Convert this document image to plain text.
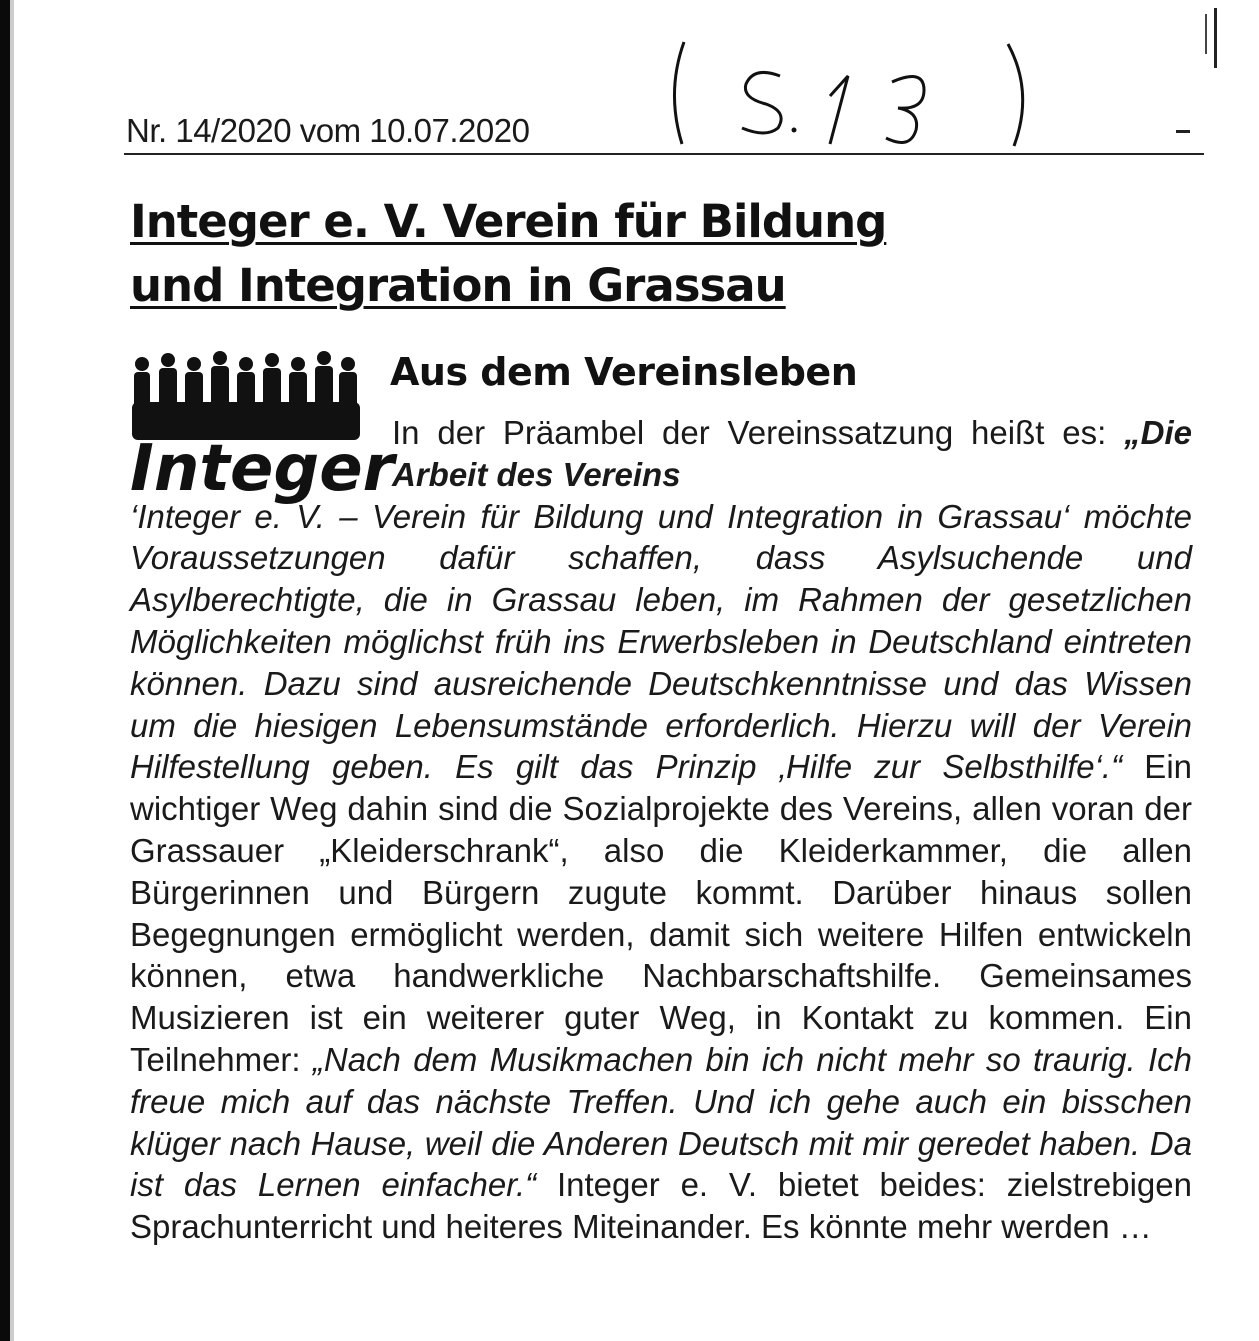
Nr. 14/2020 vom 10.07.2020
Integer e. V. Verein für Bildung
und Integration in Grassau
Integer
Aus dem Vereinsleben

In der Präambel der Vereinssatzung heißt es: „Die Arbeit des Vereins
‘Integer e. V. – Verein für Bildung und Integration in Grassau‘ möchte Voraussetzungen dafür schaffen, dass Asylsuchende und Asylberechtigte, die in Grassau leben, im Rahmen der gesetzlichen Möglichkeiten möglichst früh ins Erwerbsleben in Deutschland eintreten können. Dazu sind ausreichende Deutschkenntnisse und das Wissen um die hiesigen Lebensumstände erforderlich. Hierzu will der Verein Hilfestellung geben. Es gilt das Prinzip ‚Hilfe zur Selbsthilfe‘.“ Ein wichtiger Weg dahin sind die Sozialprojekte des Vereins, allen voran der Grassauer „Kleiderschrank“, also die Kleiderkammer, die allen Bürgerinnen und Bürgern zugute kommt. Darüber hinaus sollen Begegnungen ermöglicht werden, damit sich weitere Hilfen entwickeln können, etwa handwerkliche Nachbarschaftshilfe. Gemeinsames Musizieren ist ein weiterer guter Weg, in Kontakt zu kommen. Ein Teilnehmer: „Nach dem Musikmachen bin ich nicht mehr so traurig. Ich freue mich auf das nächste Treffen. Und ich gehe auch ein bisschen klüger nach Hause, weil die Anderen Deutsch mit mir geredet haben. Da ist das Lernen einfacher.“ Integer e. V. bietet beides: zielstrebigen Sprachunterricht und heiteres Miteinander. Es könnte mehr werden …
